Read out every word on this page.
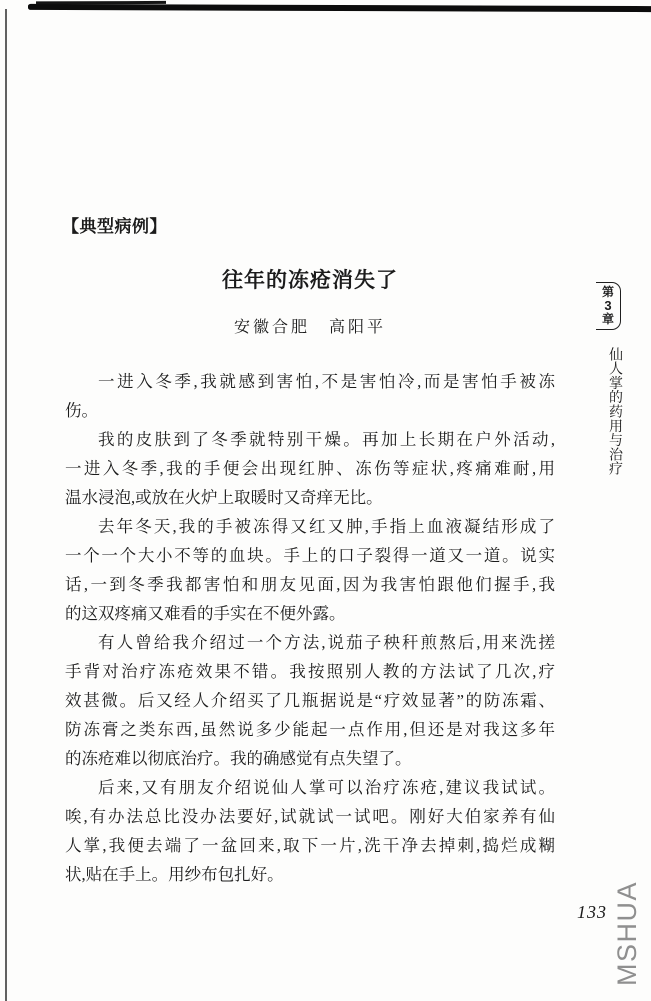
【典型病例】
往年的冻疮消失了
安徽合肥　高阳平
一进入冬季,我就感到害怕,不是害怕冷,而是害怕手被冻
伤。
我的皮肤到了冬季就特别干燥。再加上长期在户外活动,
一进入冬季,我的手便会出现红肿、冻伤等症状,疼痛难耐,用
温水浸泡,或放在火炉上取暖时又奇痒无比。
去年冬天,我的手被冻得又红又肿,手指上血液凝结形成了
一个一个大小不等的血块。手上的口子裂得一道又一道。说实
话,一到冬季我都害怕和朋友见面,因为我害怕跟他们握手,我
的这双疼痛又难看的手实在不便外露。
有人曾给我介绍过一个方法,说茄子秧秆煎熬后,用来洗搓
手背对治疗冻疮效果不错。我按照别人教的方法试了几次,疗
效甚微。后又经人介绍买了几瓶据说是“疗效显著”的防冻霜、
防冻膏之类东西,虽然说多少能起一点作用,但还是对我这多年
的冻疮难以彻底治疗。我的确感觉有点失望了。
后来,又有朋友介绍说仙人掌可以治疗冻疮,建议我试试。
唉,有办法总比没办法要好,试就试一试吧。刚好大伯家养有仙
人掌,我便去端了一盆回来,取下一片,洗干净去掉刺,捣烂成糊
状,贴在手上。用纱布包扎好。
第
3
章
仙人掌的药用与治疗
133 MSHUA
